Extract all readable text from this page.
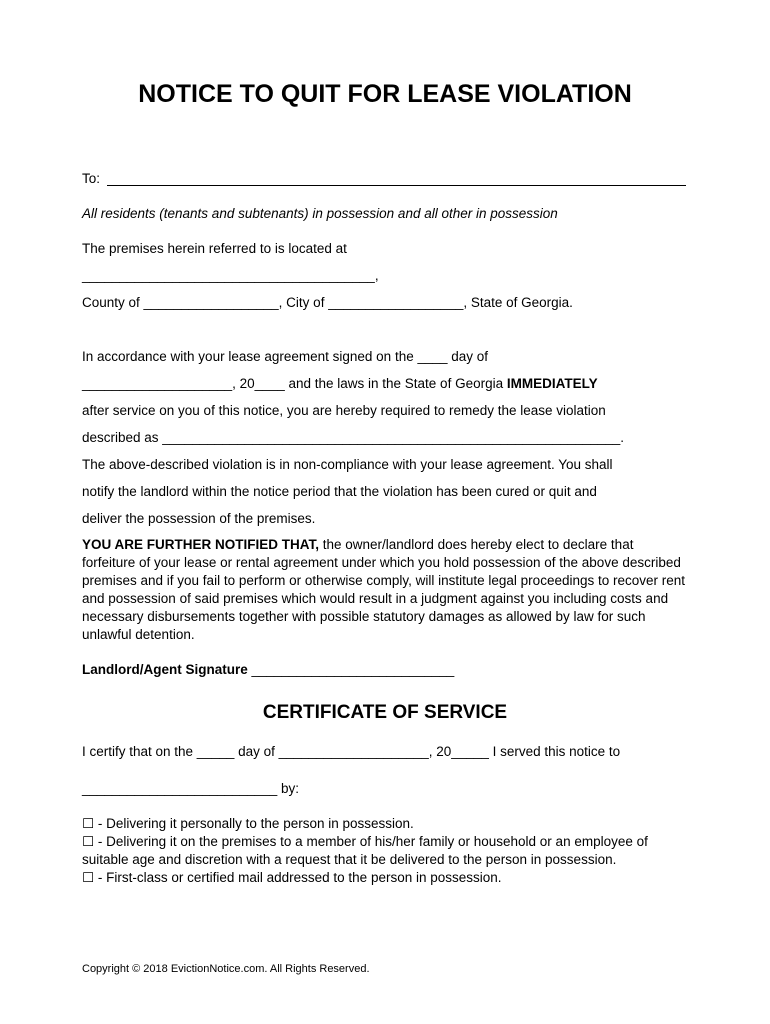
NOTICE TO QUIT FOR LEASE VIOLATION
To:
All residents (tenants and subtenants) in possession and all other in possession
The premises herein referred to is located at
_______________________________________,
County of __________________, City of __________________, State of Georgia.
In accordance with your lease agreement signed on the ____ day of
____________________, 20____ and the laws in the State of Georgia IMMEDIATELY
after service on you of this notice, you are hereby required to remedy the lease violation
described as _____________________________________________________________.
The above-described violation is in non-compliance with your lease agreement. You shall
notify the landlord within the notice period that the violation has been cured or quit and
deliver the possession of the premises.
YOU ARE FURTHER NOTIFIED THAT, the owner/landlord does hereby elect to declare that forfeiture of your lease or rental agreement under which you hold possession of the above described premises and if you fail to perform or otherwise comply, will institute legal proceedings to recover rent and possession of said premises which would result in a judgment against you including costs and necessary disbursements together with possible statutory damages as allowed by law for such unlawful detention.
Landlord/Agent Signature ___________________________
CERTIFICATE OF SERVICE
I certify that on the _____ day of ____________________, 20_____ I served this notice to
__________________________ by:
☐ - Delivering it personally to the person in possession.
☐ - Delivering it on the premises to a member of his/her family or household or an employee of suitable age and discretion with a request that it be delivered to the person in possession.
☐ - First-class or certified mail addressed to the person in possession.
Copyright © 2018 EvictionNotice.com. All Rights Reserved.
